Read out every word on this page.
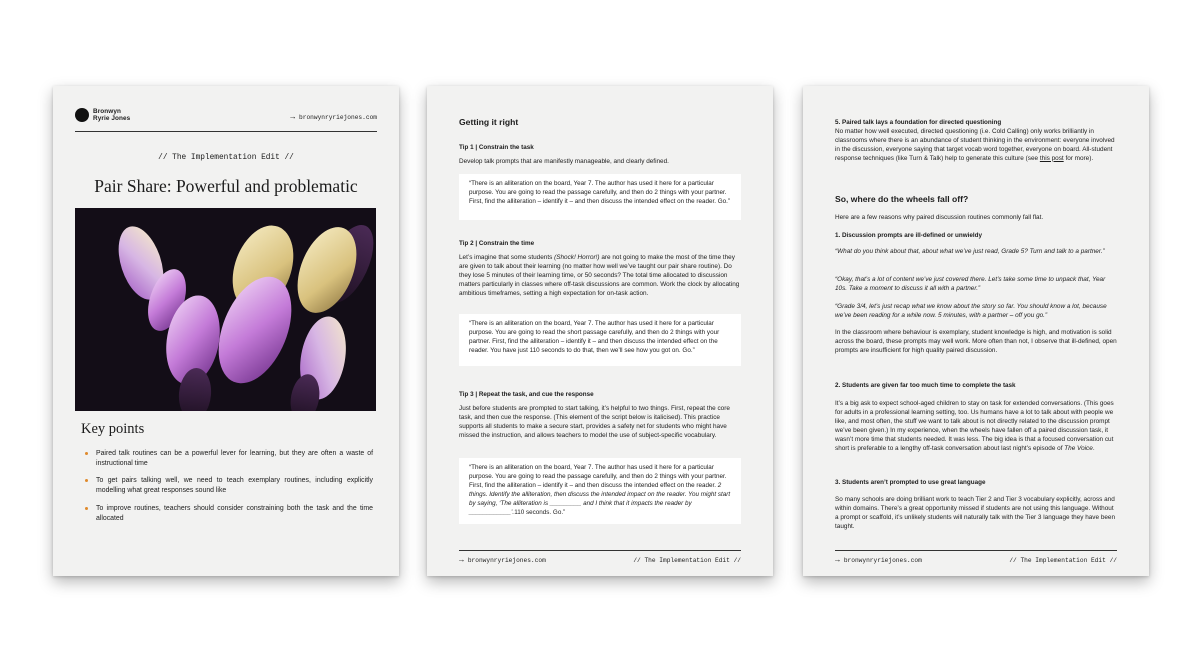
Bronwyn
Ryrie Jones	→ bronwynryriejones.com
// The Implementation Edit //
Pair Share: Powerful and problematic
Key points
Paired talk routines can be a powerful lever for learning, but they are often a waste of instructional time
To get pairs talking well, we need to teach exemplary routines, including explicitly modelling what great responses sound like
To improve routines, teachers should consider constraining both the task and the time allocated
Getting it right
Tip 1 | Constrain the task
Develop talk prompts that are manifestly manageable, and clearly defined.
“There is an alliteration on the board, Year 7. The author has used it here for a particular purpose. You are going to read the passage carefully, and then do 2 things with your partner. First, find the alliteration – identify it – and then discuss the intended effect on the reader. Go.”
Tip 2 | Constrain the time
Let’s imagine that some students (Shock! Horror!) are not going to make the most of the time they are given to talk about their learning (no matter how well we’ve taught our pair share routine). Do they lose 5 minutes of their learning time, or 50 seconds? The total time allocated to discussion matters particularly in classes where off-task discussions are common. Work the clock by allocating ambitious timeframes, setting a high expectation for on-task action.
“There is an alliteration on the board, Year 7. The author has used it here for a particular purpose. You are going to read the short passage carefully, and then do 2 things with your partner. First, find the alliteration – identify it – and then discuss the intended effect on the reader. You have just 110 seconds to do that, then we’ll see how you got on. Go.”
Tip 3 | Repeat the task, and cue the response
Just before students are prompted to start talking, it’s helpful to two things. First, repeat the core task, and then cue the response. (This element of the script below is italicised). This practice supports all students to make a secure start, provides a safety net for students who might have missed the instruction, and allows teachers to model the use of subject-specific vocabulary.
“There is an alliteration on the board, Year 7. The author has used it here for a particular purpose. You are going to read the passage carefully, and then do 2 things with your partner. First, find the alliteration – identify it – and then discuss the intended effect on the reader. 2 things. Identify the alliteration, then discuss the intended impact on the reader. You might start by saying, ‘The alliteration is _________ and I think that it impacts the reader by ____________’.110 seconds. Go.”
→ bronwynryriejones.com	// The Implementation Edit //
5. Paired talk lays a foundation for directed questioning
No matter how well executed, directed questioning (i.e. Cold Calling) only works brilliantly in classrooms where there is an abundance of student thinking in the environment: everyone involved in the discussion, everyone saying that target vocab word together, everyone on board. All-student response techniques (like Turn & Talk) help to generate this culture (see this post for more).
So, where do the wheels fall off?
Here are a few reasons why paired discussion routines commonly fall flat.
1. Discussion prompts are ill-defined or unwieldy
“What do you think about that, about what we’ve just read, Grade 5? Turn and talk to a partner.”
“Okay, that’s a lot of content we’ve just covered there. Let’s take some time to unpack that, Year 10s. Take a moment to discuss it all with a partner.”
“Grade 3/4, let’s just recap what we know about the story so far. You should know a lot, because we’ve been reading for a while now. 5 minutes, with a partner – off you go.”
In the classroom where behaviour is exemplary, student knowledge is high, and motivation is solid across the board, these prompts may well work. More often than not, I observe that ill-defined, open prompts are insufficient for high quality paired discussion.
2. Students are given far too much time to complete the task
It’s a big ask to expect school-aged children to stay on task for extended conversations. (This goes for adults in a professional learning setting, too. Us humans have a lot to talk about with people we like, and most often, the stuff we want to talk about is not directly related to the discussion prompt we’ve been given.) In my experience, when the wheels have fallen off a paired discussion task, it wasn’t more time that students needed. It was less. The big idea is that a focused conversation cut short is preferable to a lengthy off-task conversation about last night’s episode of The Voice.
3. Students aren’t prompted to use great language
So many schools are doing brilliant work to teach Tier 2 and Tier 3 vocabulary explicitly, across and within domains. There’s a great opportunity missed if students are not using this language. Without a prompt or scaffold, it’s unlikely students will naturally talk with the Tier 3 language they have been taught.
→ bronwynryriejones.com	// The Implementation Edit //
